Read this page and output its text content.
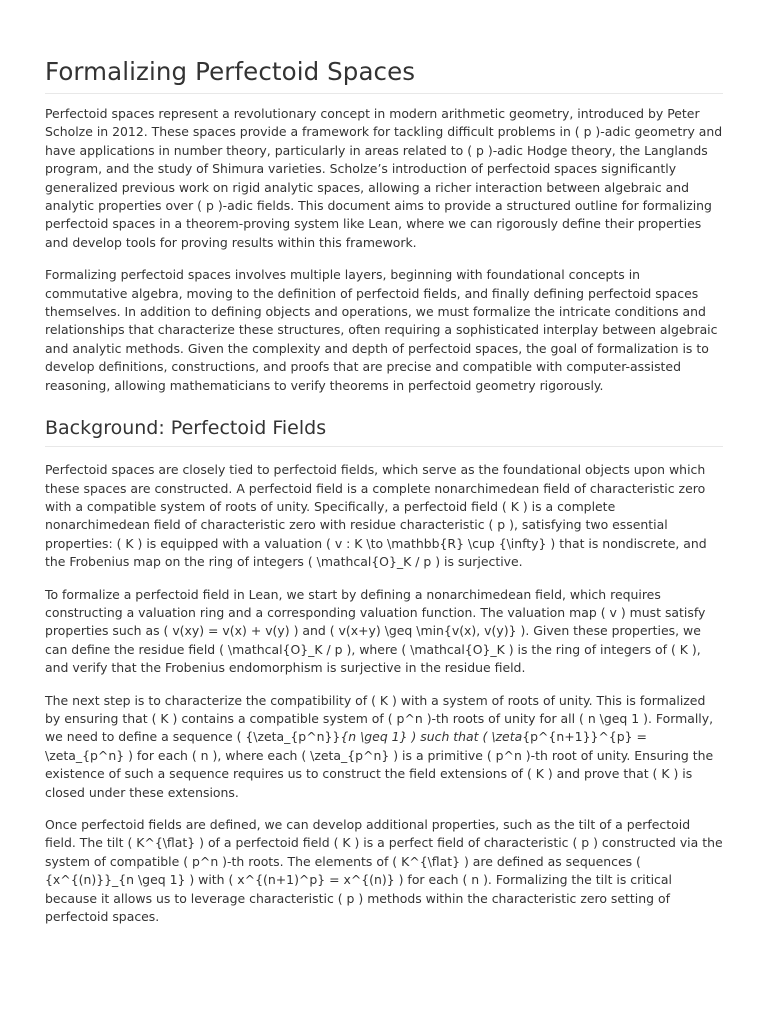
Formalizing Perfectoid Spaces

Perfectoid spaces represent a revolutionary concept in modern arithmetic geometry, introduced by Peter Scholze in 2012. These spaces provide a framework for tackling difficult problems in ( p )-adic geometry and have applications in number theory, particularly in areas related to ( p )-adic Hodge theory, the Langlands program, and the study of Shimura varieties. Scholze’s introduction of perfectoid spaces significantly generalized previous work on rigid analytic spaces, allowing a richer interaction between algebraic and analytic properties over ( p )-adic fields. This document aims to provide a structured outline for formalizing perfectoid spaces in a theorem-proving system like Lean, where we can rigorously define their properties and develop tools for proving results within this framework.

Formalizing perfectoid spaces involves multiple layers, beginning with foundational concepts in commutative algebra, moving to the definition of perfectoid fields, and finally defining perfectoid spaces themselves. In addition to defining objects and operations, we must formalize the intricate conditions and relationships that characterize these structures, often requiring a sophisticated interplay between algebraic and analytic methods. Given the complexity and depth of perfectoid spaces, the goal of formalization is to develop definitions, constructions, and proofs that are precise and compatible with computer-assisted reasoning, allowing mathematicians to verify theorems in perfectoid geometry rigorously.

Background: Perfectoid Fields

Perfectoid spaces are closely tied to perfectoid fields, which serve as the foundational objects upon which these spaces are constructed. A perfectoid field is a complete nonarchimedean field of characteristic zero with a compatible system of roots of unity. Specifically, a perfectoid field ( K ) is a complete nonarchimedean field of characteristic zero with residue characteristic ( p ), satisfying two essential properties: ( K ) is equipped with a valuation ( v : K \to \mathbb{R} \cup {\infty} ) that is nondiscrete, and the Frobenius map on the ring of integers ( \mathcal{O}_K / p ) is surjective.

To formalize a perfectoid field in Lean, we start by defining a nonarchimedean field, which requires constructing a valuation ring and a corresponding valuation function. The valuation map ( v ) must satisfy properties such as ( v(xy) = v(x) + v(y) ) and ( v(x+y) \geq \min{v(x), v(y)} ). Given these properties, we can define the residue field ( \mathcal{O}_K / p ), where ( \mathcal{O}_K ) is the ring of integers of ( K ), and verify that the Frobenius endomorphism is surjective in the residue field.

The next step is to characterize the compatibility of ( K ) with a system of roots of unity. This is formalized by ensuring that ( K ) contains a compatible system of ( p^n )-th roots of unity for all ( n \geq 1 ). Formally, we need to define a sequence ( {\zeta_{p^n}}{n \geq 1} ) such that ( \zeta{p^{n+1}}^{p} = \zeta_{p^n} ) for each ( n ), where each ( \zeta_{p^n} ) is a primitive ( p^n )-th root of unity. Ensuring the existence of such a sequence requires us to construct the field extensions of ( K ) and prove that ( K ) is closed under these extensions.

Once perfectoid fields are defined, we can develop additional properties, such as the tilt of a perfectoid field. The tilt ( K^{\flat} ) of a perfectoid field ( K ) is a perfect field of characteristic ( p ) constructed via the system of compatible ( p^n )-th roots. The elements of ( K^{\flat} ) are defined as sequences ( {x^{(n)}}_{n \geq 1} ) with ( x^{(n+1)^p} = x^{(n)} ) for each ( n ). Formalizing the tilt is critical because it allows us to leverage characteristic ( p ) methods within the characteristic zero setting of perfectoid spaces.
